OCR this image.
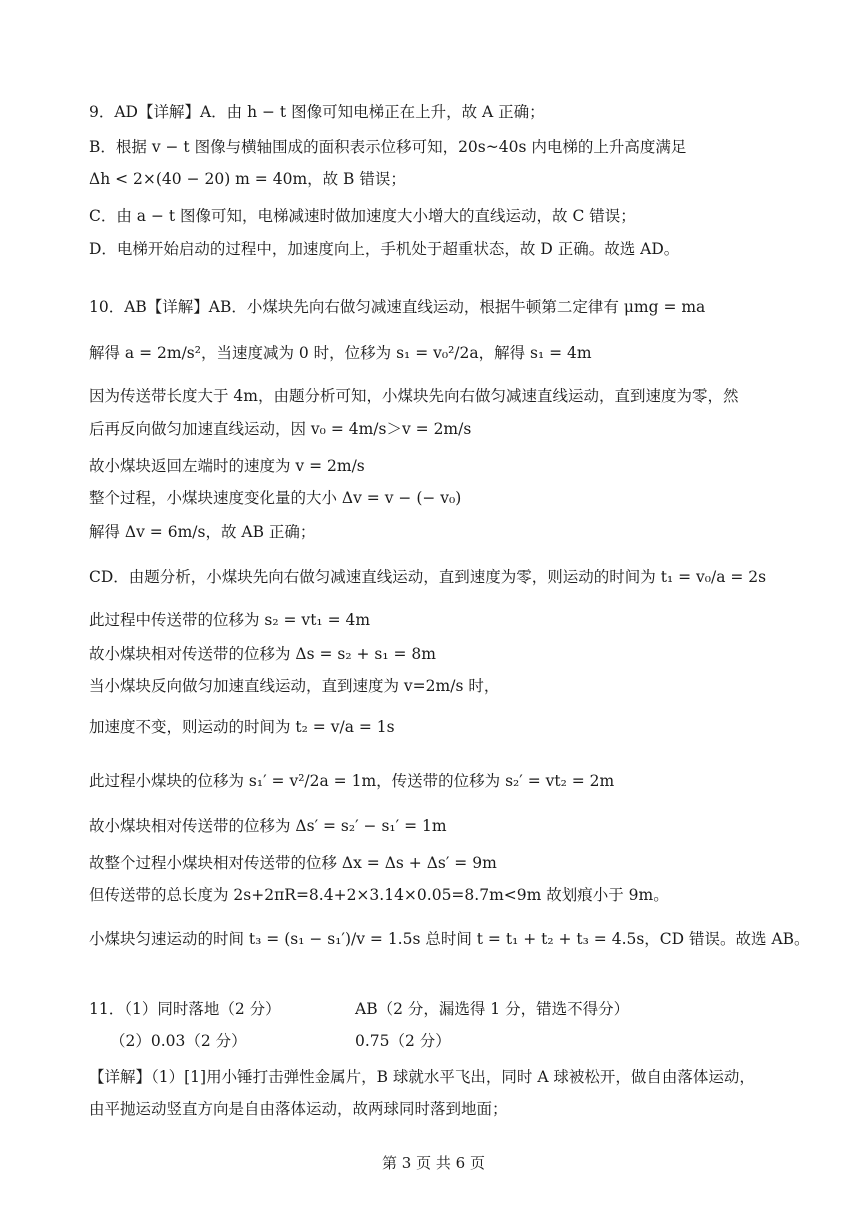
9．AD【详解】A．由 h − t 图像可知电梯正在上升，故 A 正确；
B．根据 v − t 图像与横轴围成的面积表示位移可知，20s~40s 内电梯的上升高度满足
Δh < 2×(40 − 20) m = 40m，故 B 错误；
C．由 a − t 图像可知，电梯减速时做加速度大小增大的直线运动，故 C 错误；
D．电梯开始启动的过程中，加速度向上，手机处于超重状态，故 D 正确。故选 AD。
10．AB【详解】AB．小煤块先向右做匀减速直线运动，根据牛顿第二定律有 μmg = ma
解得 a = 2m/s²，当速度减为 0 时，位移为 s₁ = v₀²/2a，解得 s₁ = 4m
因为传送带长度大于 4m，由题分析可知，小煤块先向右做匀减速直线运动，直到速度为零，然
后再反向做匀加速直线运动，因 v₀ = 4m/s＞v = 2m/s
故小煤块返回左端时的速度为 v = 2m/s
整个过程，小煤块速度变化量的大小 Δv = v − (− v₀)
解得 Δv = 6m/s，故 AB 正确；
CD．由题分析，小煤块先向右做匀减速直线运动，直到速度为零，则运动的时间为 t₁ = v₀/a = 2s
此过程中传送带的位移为 s₂ = vt₁ = 4m
故小煤块相对传送带的位移为 Δs = s₂ + s₁ = 8m
当小煤块反向做匀加速直线运动，直到速度为 v=2m/s 时，
加速度不变，则运动的时间为 t₂ = v/a = 1s
此过程小煤块的位移为 s₁′ = v²/2a = 1m，传送带的位移为 s₂′ = vt₂ = 2m
故小煤块相对传送带的位移为 Δs′ = s₂′ − s₁′ = 1m
故整个过程小煤块相对传送带的位移 Δx = Δs + Δs′ = 9m
但传送带的总长度为 2s+2πR=8.4+2×3.14×0.05=8.7m<9m 故划痕小于 9m。
小煤块匀速运动的时间 t₃ = (s₁ − s₁′)/v = 1.5s 总时间 t = t₁ + t₂ + t₃ = 4.5s，CD 错误。故选 AB。
11．（1）同时落地（2 分）	AB（2 分，漏选得 1 分，错选不得分）
（2）0.03（2 分）	0.75（2 分）
【详解】（1）[1]用小锤打击弹性金属片，B 球就水平飞出，同时 A 球被松开，做自由落体运动，
由平抛运动竖直方向是自由落体运动，故两球同时落到地面；
第 3 页 共 6 页
